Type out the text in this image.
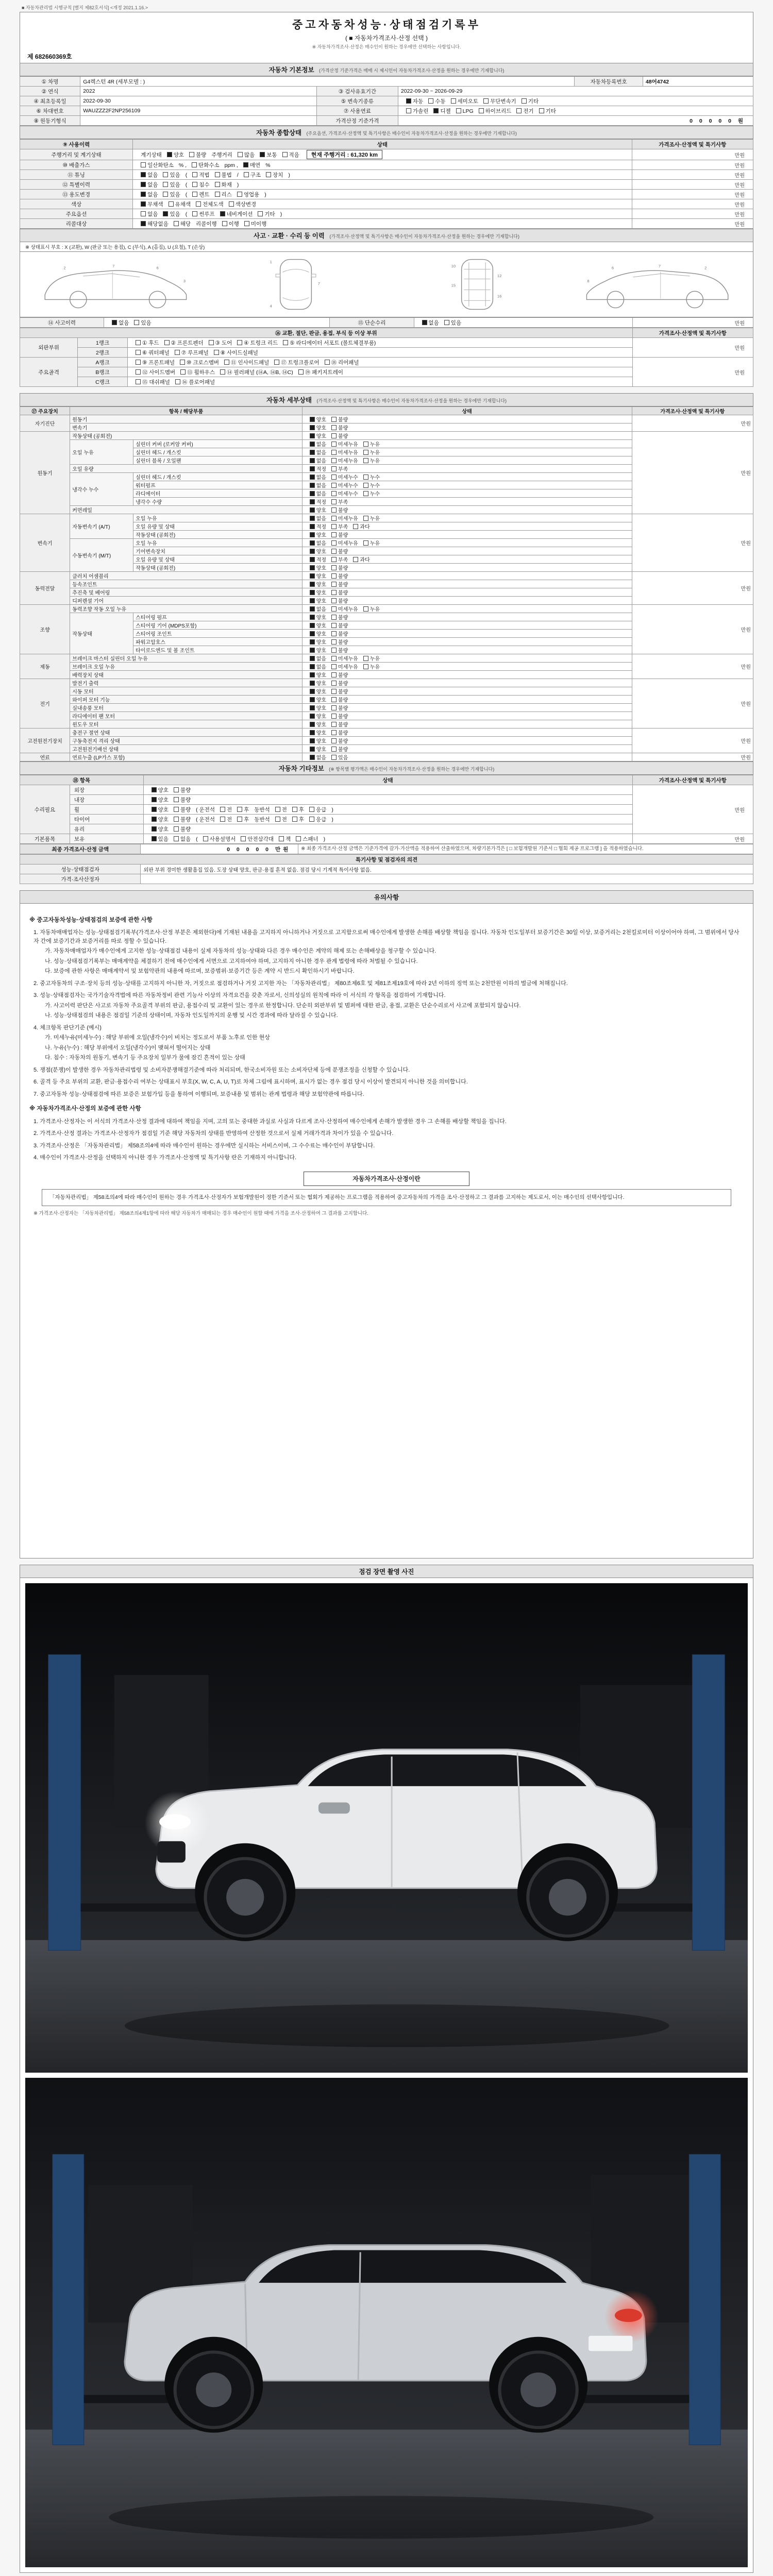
■ 자동차관리법 시행규칙 [별지 제82호서식] <개정 2021.1.16.>
중고자동차성능·상태점검기록부
( ■ 자동차가격조사·산정 선택 )
※ 자동차가격조사·산정은 매수인이 원하는 경우에만 선택하는 사항입니다.
제 682660369호
자동차 기본정보 (가격산정 기준가격은 매매 시 제시인이 자동차가격조사·산정을 원하는 경우에만 기재합니다)
① 차명	G4렉스턴 4R (세부모델 : )			자동차등록번호	48어4742
② 연식	2022	③ 검사유효기간	2022-09-30 ~ 2026-09-29		
④ 최초등록일	2022-09-30	⑤ 변속기종류	자동 수동 세미오토 무단변속기 기타		
⑥ 차대번호	WAUZZZ2F2NP256109	⑦ 사용연료	가솔린 디젤 LPG 하이브리드 전기 기타		
⑧ 원동기형식		가격산정 기준가격	0 0 0 0 0 원		
자동차 종합상태 (주요옵션, 가격조사·산정액 및 특기사항은 매수인이 자동차가격조사·산정을 원하는 경우에만 기재합니다)
⑨ 사용이력	상태	가격조사·산정액 및 특기사항
주행거리 및 계기상태	계기상태 양호 불량 주행거리 많음 보통 적음 현재 주행거리 : 61,320 km	만원
⑩ 배출가스	일산화탄소 % , 탄화수소 ppm , 매연 %	만원
⑪ 튜닝	없음 있음 ( 적법 불법 / 구조 장치 )	만원
⑫ 특별이력	없음 있음 ( 침수 화재 )	만원
⑬ 용도변경	없음 있음 ( 렌트 리스 영업용 )	만원
색상	무채색 유채색 전체도색 색상변경	만원
주요옵션	없음 있음 ( 썬루프 네비게이션 기타 )	만원
리콜대상	해당없음 해당 리콜이행 이행 미이행	만원
사고 · 교환 · 수리 등 이력 (가격조사·산정액 및 특기사항은 매수인이 자동차가격조사·산정을 원하는 경우에만 기재합니다)
※ 상태표시 부호 : X (교환), W (판금 또는 용접), C (부식), A (흠집), U (요철), T (손상)
2	7	6
3
1
7
4
10
12
15
16
2
7
6
8
⑭ 사고이력	없음 있음	⑮ 단순수리	없음 있음	만원
⑯ 교환, 절단, 판금, 용접, 부식 등 이상 부위			가격조사·산정액 및 특기사항
외판부위	1랭크	① 후드 ② 프론트펜더 ③ 도어 ④ 트렁크 리드 ⑤ 라디에이터 서포트 (볼트체결부품)	만원
	2랭크	⑥ 쿼터패널 ⑦ 루프패널 ⑧ 사이드실패널	
주요골격	A랭크	⑨ 프론트패널 ⑩ 크로스멤버 ⑪ 인사이드패널 ⑰ 트렁크플로어 ⑱ 리어패널	만원
	B랭크	⑫ 사이드멤버 ⑬ 휠하우스 ⑭ 필러패널 (⑭A, ⑭B, ⑭C) ⑲ 패키지트레이	
	C랭크	⑮ 대쉬패널 ⑯ 플로어패널	
자동차 세부상태 (가격조사·산정액 및 특기사항은 매수인이 자동차가격조사·산정을 원하는 경우에만 기재합니다)
⑰ 주요장치	항목 / 해당부품		상태	가격조사·산정액 및 특기사항
자기진단	원동기		양호 불량	만원
	변속기		양호 불량	
원동기	작동상태 (공회전)		양호 불량	만원
	오일 누유	실린더 커버 (로커암 커버)	없음 미세누유 누유	
		실린더 헤드 / 개스킷	없음 미세누유 누유	
		실린더 블록 / 오일팬	없음 미세누유 누유	
	오일 유량		적정 부족	
	냉각수 누수	실린더 헤드 / 개스킷	없음 미세누수 누수	
		워터펌프	없음 미세누수 누수	
		라디에이터	없음 미세누수 누수	
		냉각수 수량	적정 부족	
	커먼레일		양호 불량	
변속기	자동변속기 (A/T)	오일 누유	없음 미세누유 누유	만원
		오일 유량 및 상태	적정 부족 과다	
		작동상태 (공회전)	양호 불량	
	수동변속기 (M/T)	오일 누유	없음 미세누유 누유	
		기어변속장치	양호 불량	
		오일 유량 및 상태	적정 부족 과다	
		작동상태 (공회전)	양호 불량	
동력전달	클러치 어셈블리		양호 불량	만원
	등속조인트		양호 불량	
	추진축 및 베어링		양호 불량	
	디퍼렌셜 기어		양호 불량	
조향	동력조향 작동 오일 누유		없음 미세누유 누유	만원
	작동상태	스티어링 펌프	양호 불량	
		스티어링 기어 (MDPS포함)	양호 불량	
		스티어링 조인트	양호 불량	
		파워고압호스	양호 불량	
		타이로드엔드 및 볼 조인트	양호 불량	
제동	브레이크 마스터 실린더 오일 누유		없음 미세누유 누유	만원
	브레이크 오일 누유		없음 미세누유 누유	
	배력장치 상태		양호 불량	
전기	발전기 출력		양호 불량	만원
	시동 모터		양호 불량	
	와이퍼 모터 기능		양호 불량	
	실내송풍 모터		양호 불량	
	라디에이터 팬 모터		양호 불량	
	윈도우 모터		양호 불량	
고전원전기장치	충전구 절연 상태		양호 불량	만원
	구동축전지 격리 상태		양호 불량	
	고전원전기배선 상태		양호 불량	
연료	연료누출 (LP가스 포함)		없음 있음	만원
자동차 기타정보 (※ 항목별 평가액은 매수인이 자동차가격조사·산정을 원하는 경우에만 기재합니다)
⑱ 항목		상태	가격조사·산정액 및 특기사항
수리필요	외장	양호 불량	만원
	내장	양호 불량	
	휠	양호 불량 ( 운전석 전 후 동반석 전 후 응급 )	
	타이어	양호 불량 ( 운전석 전 후 동반석 전 후 응급 )	
	유리	양호 불량	
기본품목	보유	있음 없음 ( 사용설명서 안전삼각대 잭 스패너 )	만원
최종 가격조사·산정 금액	0 0 0 0 0 만원	※ 최종 가격조사·산정 금액은 기준가격에 감가·가산액을 적용하여 산출하였으며, 차량기본가격은 [ □ 보험개발원 기준서 □ 협회 제공 프로그램 ] 을 적용하였습니다.
특기사항 및 점검자의 의견	
성능·상태점검자	외판 부위 경미한 생활흠집 있음. 도장 상태 양호, 판금·용접 흔적 없음. 점검 당시 기계적 특이사항 없음.
가격·조사산정자	
유의사항
※ 중고자동차성능·상태점검의 보증에 관한 사항
1. 자동차매매업자는 성능·상태점검기록부(가격조사·산정 부분은 제외한다)에 기재된 내용을 고지하지 아니하거나 거짓으로 고지함으로써 매수인에게 발생한 손해를 배상할 책임을 집니다. 자동차 인도일부터 보증기간은 30일 이상, 보증거리는 2천킬로미터 이상이어야 하며, 그 범위에서 당사자 간에 보증기간과 보증거리를 따로 정할 수 있습니다.
가. 자동차매매업자가 매수인에게 고지한 성능·상태점검 내용이 실제 자동차의 성능·상태와 다른 경우 매수인은 계약의 해제 또는 손해배상을 청구할 수 있습니다.
나. 성능·상태점검기록부는 매매계약을 체결하기 전에 매수인에게 서면으로 고지하여야 하며, 고지하지 아니한 경우 관계 법령에 따라 처벌될 수 있습니다.
다. 보증에 관한 사항은 매매계약서 및 보험약관의 내용에 따르며, 보증범위·보증기간 등은 계약 시 반드시 확인하시기 바랍니다.
2. 중고자동차의 구조·장치 등의 성능·상태를 고지하지 아니한 자, 거짓으로 점검하거나 거짓 고지한 자는 「자동차관리법」 제80조제6호 및 제81조제19호에 따라 2년 이하의 징역 또는 2천만원 이하의 벌금에 처해집니다.
3. 성능·상태점검자는 국가기술자격법에 따른 자동차정비 관련 기능사 이상의 자격요건을 갖춘 자로서, 신의성실의 원칙에 따라 이 서식의 각 항목을 점검하여 기재합니다.
가. 사고이력 판단은 사고로 자동차 주요골격 부위의 판금, 용접수리 및 교환이 있는 경우로 한정합니다. 단순히 외판부위 및 범퍼에 대한 판금, 용접, 교환은 단순수리로서 사고에 포함되지 않습니다.
나. 성능·상태점검의 내용은 점검일 기준의 상태이며, 자동차 인도일까지의 운행 및 시간 경과에 따라 달라질 수 있습니다.
4. 체크항목 판단기준 (예시)
가. 미세누유(미세누수) : 해당 부위에 오일(냉각수)이 비치는 정도로서 부품 노후로 인한 현상
나. 누유(누수) : 해당 부위에서 오일(냉각수)이 맺혀서 떨어지는 상태
다. 침수 : 자동차의 원동기, 변속기 등 주요장치 일부가 물에 잠긴 흔적이 있는 상태
5. 쟁점(분쟁)이 발생한 경우 자동차관리법령 및 소비자분쟁해결기준에 따라 처리되며, 한국소비자원 또는 소비자단체 등에 분쟁조정을 신청할 수 있습니다.
6. 골격 등 주요 부위의 교환, 판금·용접수리 여부는 상태표시 부호(X, W, C, A, U, T)로 차체 그림에 표시하며, 표시가 없는 경우 점검 당시 이상이 발견되지 아니한 것을 의미합니다.
7. 중고자동차 성능·상태점검에 따른 보증은 보험가입 등을 통하여 이행되며, 보증내용 및 범위는 관계 법령과 해당 보험약관에 따릅니다.
※ 자동차가격조사·산정의 보증에 관한 사항
1. 가격조사·산정자는 이 서식의 가격조사·산정 결과에 대하여 책임을 지며, 고의 또는 중대한 과실로 사실과 다르게 조사·산정하여 매수인에게 손해가 발생한 경우 그 손해를 배상할 책임을 집니다.
2. 가격조사·산정 결과는 가격조사·산정자가 점검일 기준 해당 자동차의 상태를 반영하여 산정한 것으로서 실제 거래가격과 차이가 있을 수 있습니다.
3. 가격조사·산정은 「자동차관리법」 제58조의4에 따라 매수인이 원하는 경우에만 실시하는 서비스이며, 그 수수료는 매수인이 부담합니다.
4. 매수인이 가격조사·산정을 선택하지 아니한 경우 가격조사·산정액 및 특기사항 란은 기재하지 아니합니다.
자동차가격조사·산정이란
「자동차관리법」 제58조의4에 따라 매수인이 원하는 경우 가격조사·산정자가 보험개발원이 정한 기준서 또는 협회가 제공하는 프로그램을 적용하여 중고자동차의 가격을 조사·산정하고 그 결과를 고지하는 제도로서, 이는 매수인의 선택사항입니다.
※ 가격조사·산정자는 「자동차관리법」 제58조의4제1항에 따라 해당 자동차가 매매되는 경우 매수인이 원할 때에 가격을 조사·산정하여 그 결과를 고지합니다.
점검 장면 촬영 사진
